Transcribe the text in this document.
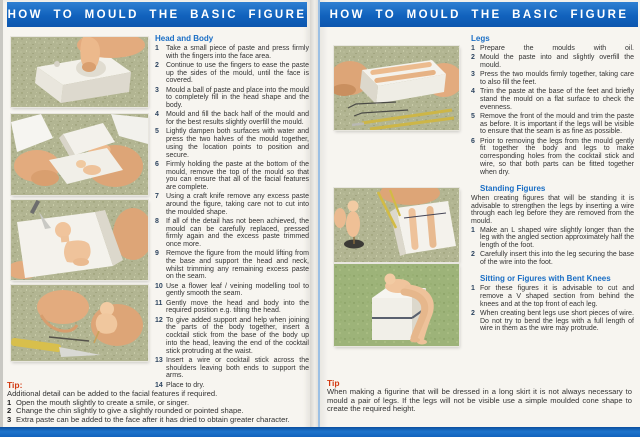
HOW TO MOULD THE BASIC FIGURE
Head and Body
Take a small piece of paste and press firmly with the fingers into the face area.
Continue to use the fingers to ease the paste up the sides of the mould, until the face is covered.
Mould a ball of paste and place into the mould to completely fill in the head shape and the body.
Mould and fill the back half of the mould and for the best results slightly overfill the mould.
Lightly dampen both surfaces with water and press the two halves of the mould together, using the location points to position and secure.
Firmly holding the paste at the bottom of the mould, remove the top of the mould so that you can ensure that all of the facial features are complete.
Using a craft knife remove any excess paste around the figure, taking care not to cut into the moulded shape.
If all of the detail has not been achieved, the mould can be carefully replaced, pressed firmly again and the excess paste trimmed once more.
Remove the figure from the mould lifting from the base and support the head and neck, whilst trimming any remaining excess paste on the seam.
Use a flower leaf / veining modelling tool to gently smooth the seam.
Gently move the head and body into the required position e.g. tilting the head.
To give added support and help when joining the parts of the body together, insert a cocktail stick from the base of the body up into the head, leaving the end of the cocktail stick protruding at the waist.
Insert a wire or cocktail stick across the shoulders leaving both ends to support the arms.
Place to dry.
Tip:

Additional detail can be added to the facial features if required.

Open the mouth slightly to create a smile, or singer.
Change the chin slightly to give a slightly rounded or pointed shape.
Extra paste can be added to the face after it has dried to obtain greater character.
HOW TO MOULD THE BASIC FIGURE
Legs
Prepare the moulds with oil.
Mould the paste into and slightly overfill the mould.
Press the two moulds firmly together, taking care to also fill the feet.
Trim the paste at the base of the feet and briefly stand the mould on a flat surface to check the evenness.
Remove the front of the mould and trim the paste as before. It is important if the legs will be visible to ensure that the seam is as fine as possible.
Prior to removing the legs from the mould gently fit together the body and legs to make corresponding holes from the cocktail stick and wire, so that both parts can be fitted together when dry.
Standing Figures

When creating figures that will be standing it is advisable to strengthen the legs by inserting a wire through each leg before they are removed from the mould.

Make an L shaped wire slightly longer than the leg with the angled section approximately half the length of the foot.
Carefully insert this into the leg securing the base of the wire into the foot.
Sitting or Figures with Bent Knees
For these figures it is advisable to cut and remove a V shaped section from behind the knees and at the top front of each leg.
When creating bent legs use short pieces of wire. Do not try to bend the legs with a full length of wire in them as the wire may protrude.
Tip

When making a figurine that will be dressed in a long skirt it is not always necessary to mould a pair of legs. If the legs will not be visible use a simple moulded cone shape to create the required height.
